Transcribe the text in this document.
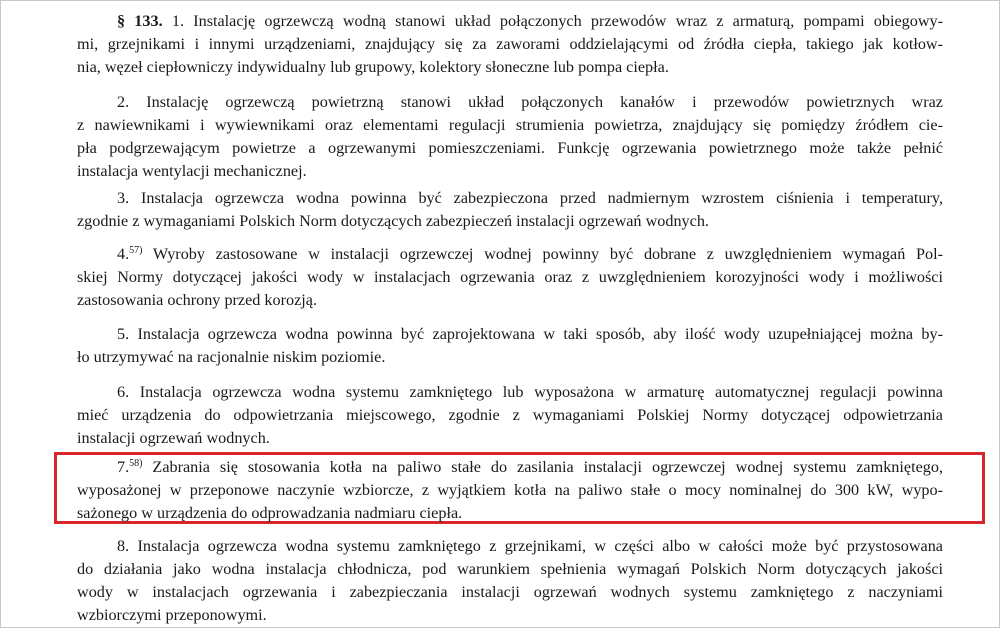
§ 133. 1. Instalację ogrzewczą wodną stanowi układ połączonych przewodów wraz z armaturą, pompami obiegowy-
mi, grzejnikami i innymi urządzeniami, znajdujący się za zaworami oddzielającymi od źródła ciepła, takiego jak kotłow-
nia, węzeł ciepłowniczy indywidualny lub grupowy, kolektory słoneczne lub pompa ciepła.
2. Instalację ogrzewczą powietrzną stanowi układ połączonych kanałów i przewodów powietrznych wraz
z nawiewnikami i wywiewnikami oraz elementami regulacji strumienia powietrza, znajdujący się pomiędzy źródłem cie-
pła podgrzewającym powietrze a ogrzewanymi pomieszczeniami. Funkcję ogrzewania powietrznego może także pełnić
instalacja wentylacji mechanicznej.
3. Instalacja ogrzewcza wodna powinna być zabezpieczona przed nadmiernym wzrostem ciśnienia i temperatury,
zgodnie z wymaganiami Polskich Norm dotyczących zabezpieczeń instalacji ogrzewań wodnych.
4.$^{57)}$ Wyroby zastosowane w instalacji ogrzewczej wodnej powinny być dobrane z uwzględnieniem wymagań Pol-
skiej Normy dotyczącej jakości wody w instalacjach ogrzewania oraz z uwzględnieniem korozyjności wody i możliwości
zastosowania ochrony przed korozją.
5. Instalacja ogrzewcza wodna powinna być zaprojektowana w taki sposób, aby ilość wody uzupełniającej można by-
ło utrzymywać na racjonalnie niskim poziomie.
6. Instalacja ogrzewcza wodna systemu zamkniętego lub wyposażona w armaturę automatycznej regulacji powinna
mieć urządzenia do odpowietrzania miejscowego, zgodnie z wymaganiami Polskiej Normy dotyczącej odpowietrzania
instalacji ogrzewań wodnych.
7.$^{58)}$ Zabrania się stosowania kotła na paliwo stałe do zasilania instalacji ogrzewczej wodnej systemu zamkniętego,
wyposażonej w przeponowe naczynie wzbiorcze, z wyjątkiem kotła na paliwo stałe o mocy nominalnej do 300 kW, wypo-
sażonego w urządzenia do odprowadzania nadmiaru ciepła.
8. Instalacja ogrzewcza wodna systemu zamkniętego z grzejnikami, w części albo w całości może być przystosowana
do działania jako wodna instalacja chłodnicza, pod warunkiem spełnienia wymagań Polskich Norm dotyczących jakości
wody w instalacjach ogrzewania i zabezpieczania instalacji ogrzewań wodnych systemu zamkniętego z naczyniami
wzbiorczymi przeponowymi.
